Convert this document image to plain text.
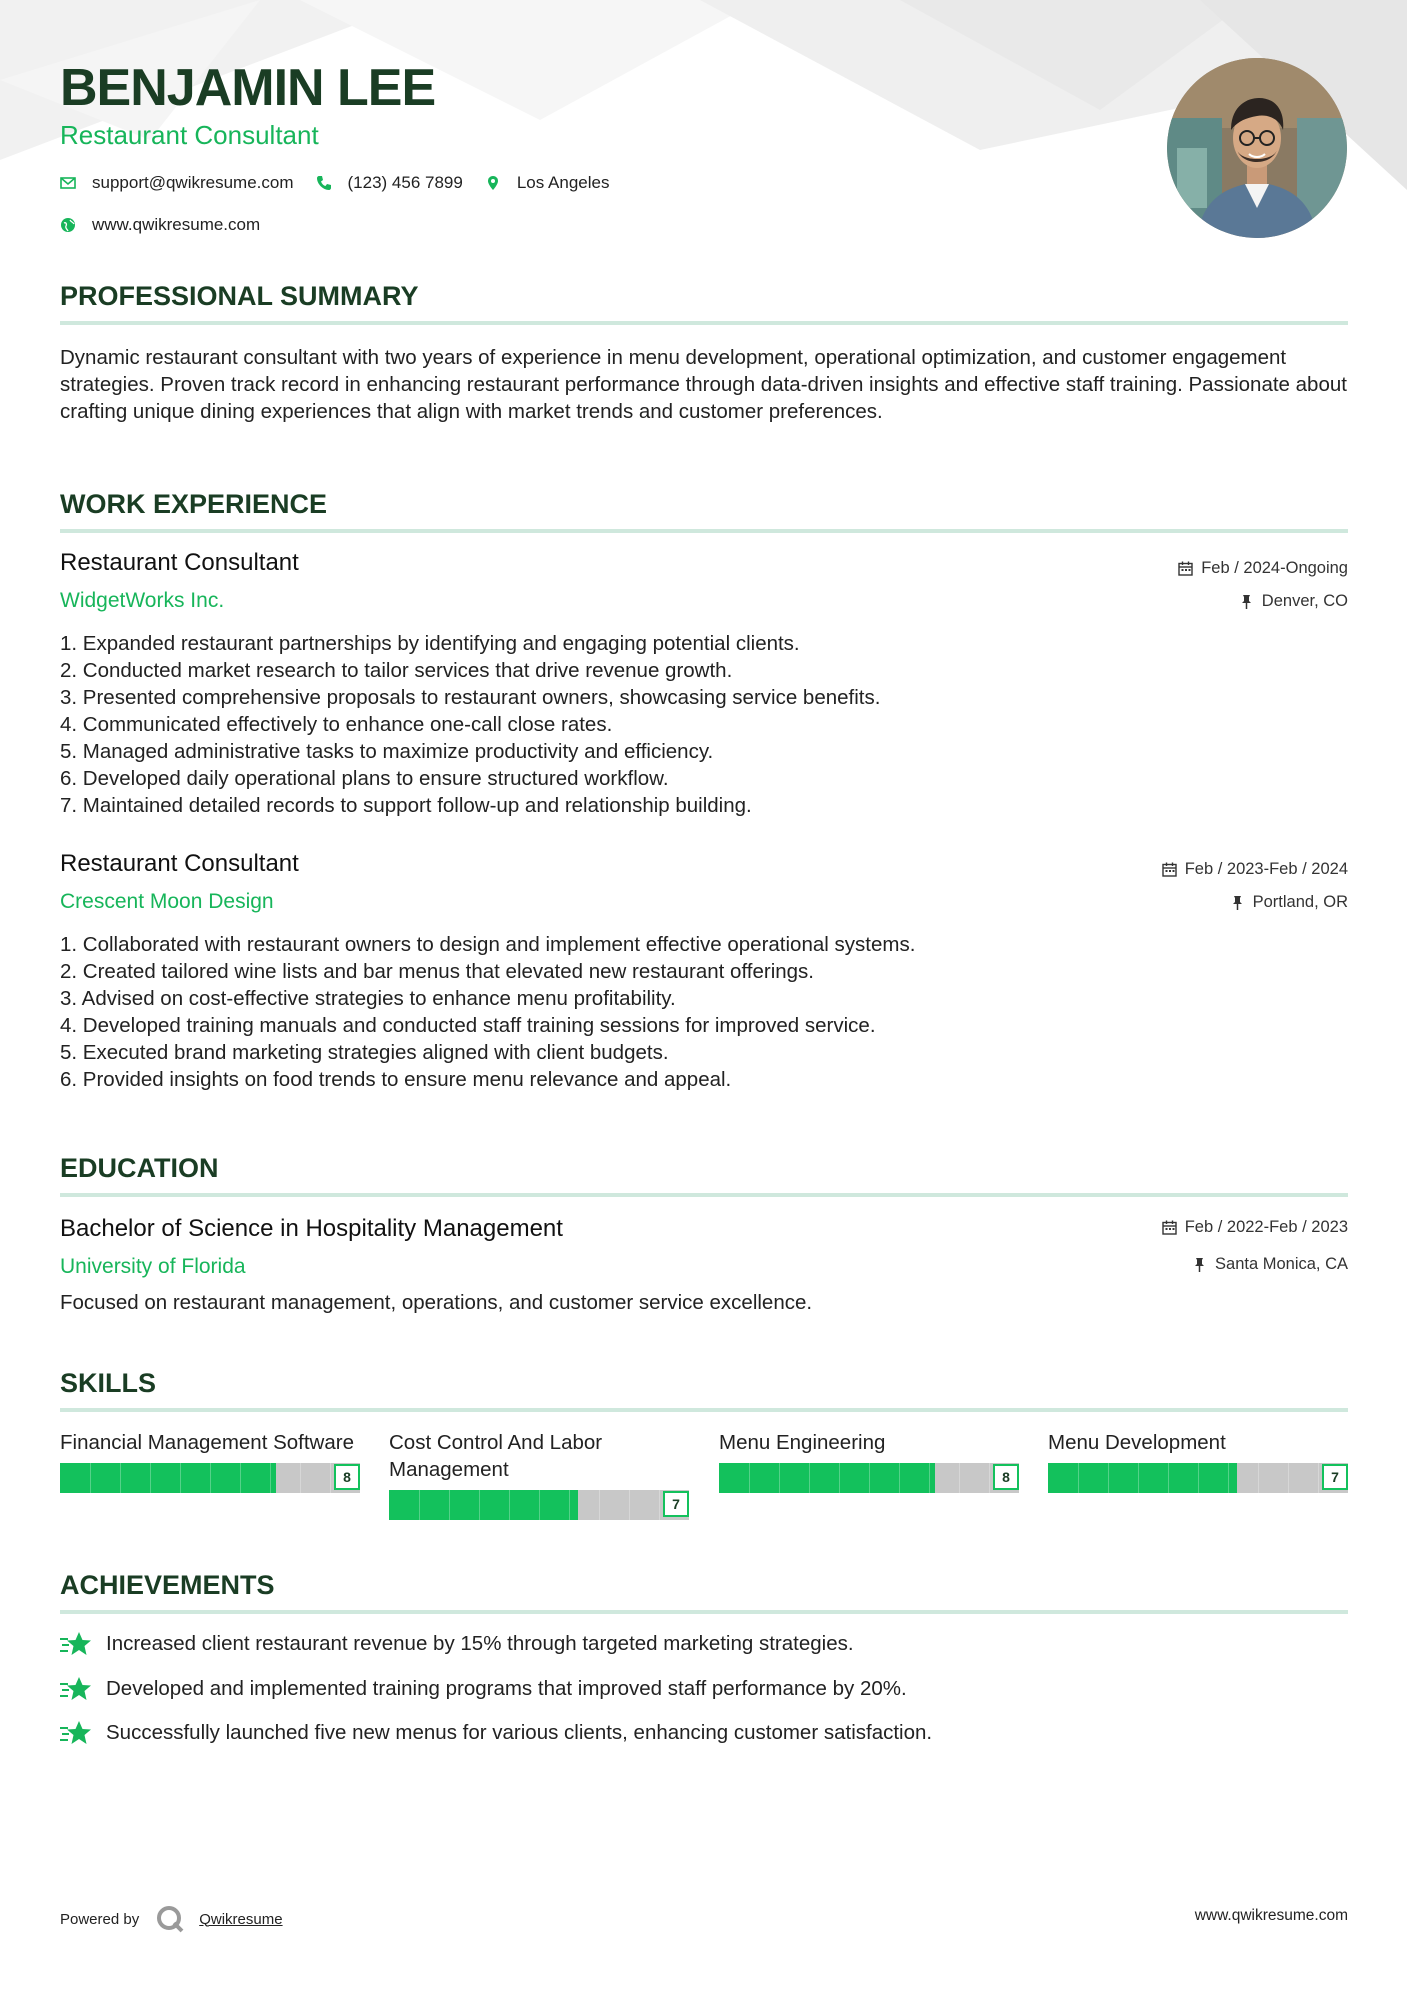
BENJAMIN LEE
Restaurant Consultant
support@qwikresume.com	(123) 456 7899	Los Angeles
www.qwikresume.com
PROFESSIONAL SUMMARY

Dynamic restaurant consultant with two years of experience in menu development, operational optimization, and customer engagement strategies. Proven track record in enhancing restaurant performance through data-driven insights and effective staff training. Passionate about crafting unique dining experiences that align with market trends and customer preferences.

WORK EXPERIENCE
Restaurant Consultant
WidgetWorks Inc.
Feb / 2024-Ongoing
Denver, CO
1. Expanded restaurant partnerships by identifying and engaging potential clients.
2. Conducted market research to tailor services that drive revenue growth.
3. Presented comprehensive proposals to restaurant owners, showcasing service benefits.
4. Communicated effectively to enhance one-call close rates.
5. Managed administrative tasks to maximize productivity and efficiency.
6. Developed daily operational plans to ensure structured workflow.
7. Maintained detailed records to support follow-up and relationship building.
Restaurant Consultant
Crescent Moon Design
Feb / 2023-Feb / 2024
Portland, OR
1. Collaborated with restaurant owners to design and implement effective operational systems.
2. Created tailored wine lists and bar menus that elevated new restaurant offerings.
3. Advised on cost-effective strategies to enhance menu profitability.
4. Developed training manuals and conducted staff training sessions for improved service.
5. Executed brand marketing strategies aligned with client budgets.
6. Provided insights on food trends to ensure menu relevance and appeal.
EDUCATION
Bachelor of Science in Hospitality Management
University of Florida
Feb / 2022-Feb / 2023
Santa Monica, CA

Focused on restaurant management, operations, and customer service excellence.

SKILLS

Financial Management Software

8

Cost Control And Labor Management

7

Menu Engineering

8

Menu Development

7
ACHIEVEMENTS
Increased client restaurant revenue by 15% through targeted marketing strategies.
Developed and implemented training programs that improved staff performance by 20%.
Successfully launched five new menus for various clients, enhancing customer satisfaction.
Powered by	Qwikresume	www.qwikresume.com
